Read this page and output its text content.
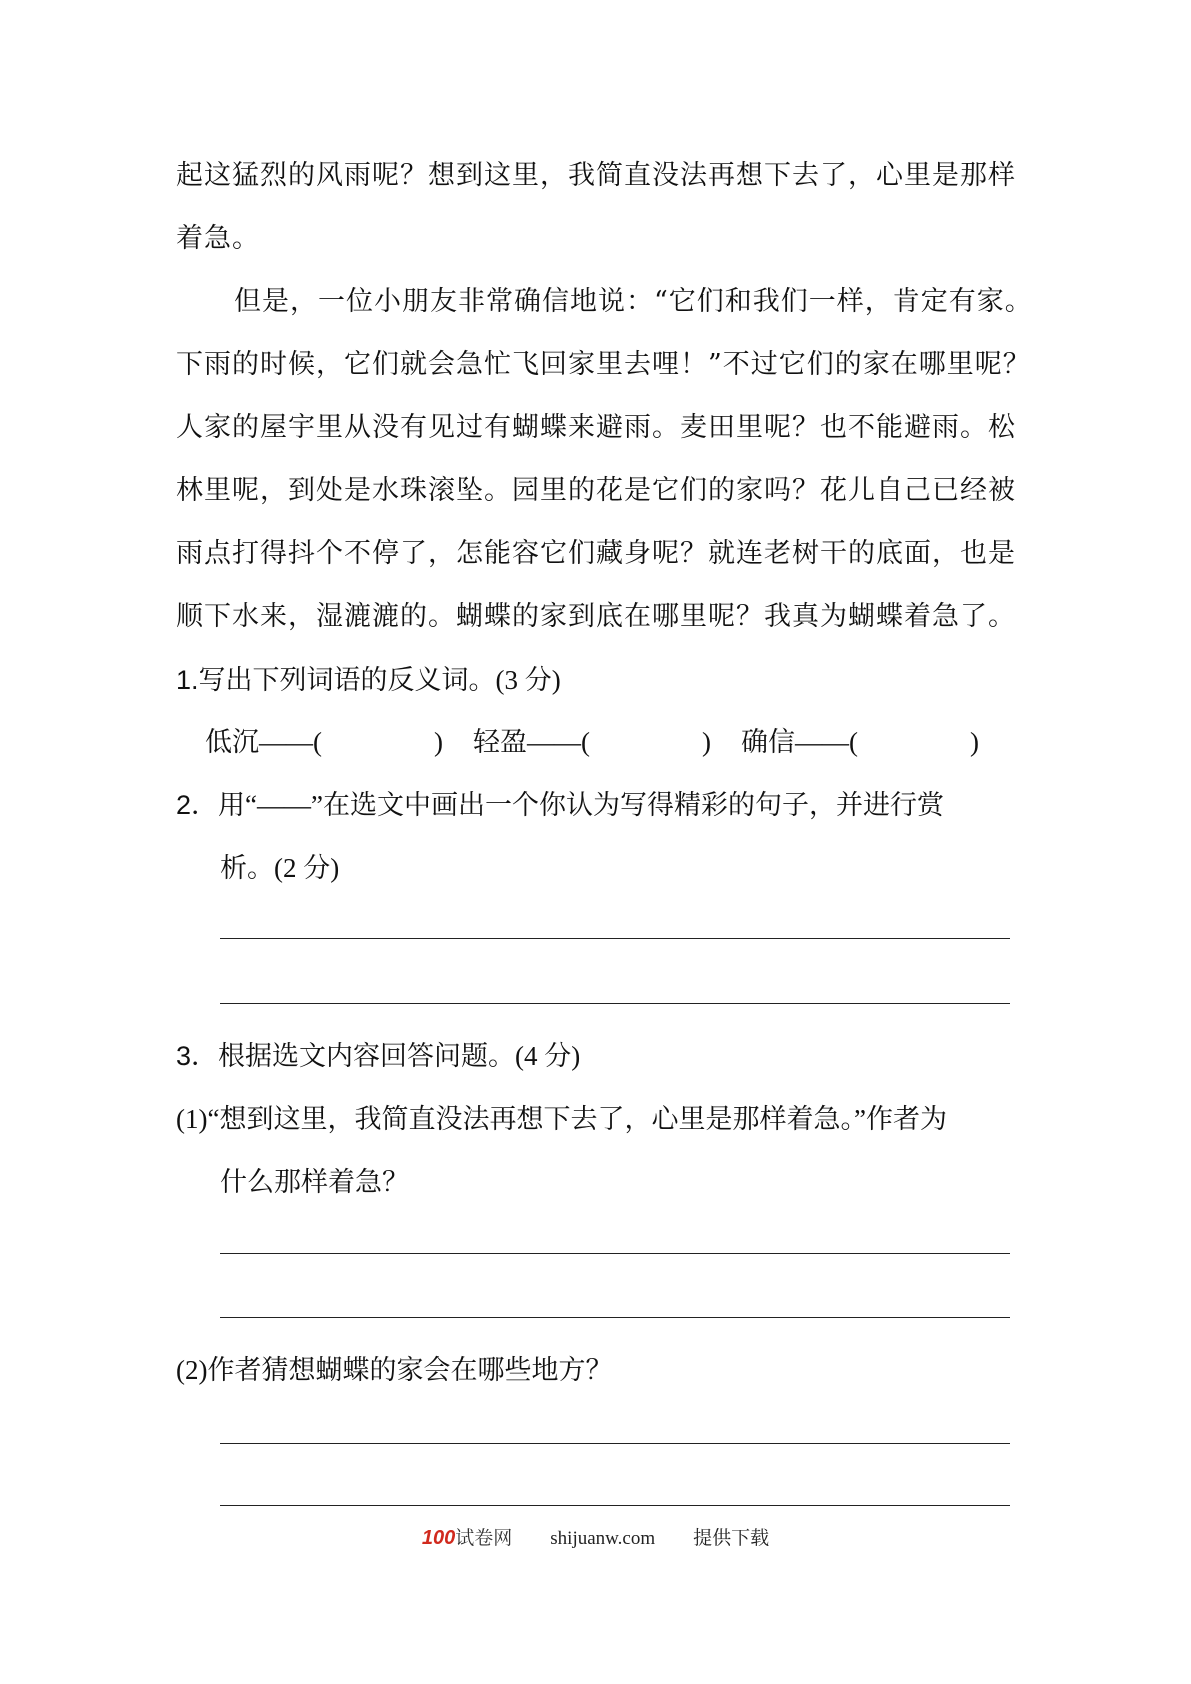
起这猛烈的风雨呢？想到这里，我简直没法再想下去了，心里是那样
着急。
但是，一位小朋友非常确信地说：“它们和我们一样，肯定有家。
下雨的时候，它们就会急忙飞回家里去哩！”不过它们的家在哪里呢？
人家的屋宇里从没有见过有蝴蝶来避雨。麦田里呢？也不能避雨。松
林里呢，到处是水珠滚坠。园里的花是它们的家吗？花儿自己已经被
雨点打得抖个不停了，怎能容它们藏身呢？就连老树干的底面，也是
顺下水来，湿漉漉的。蝴蝶的家到底在哪里呢？我真为蝴蝶着急了。
1.写出下列词语的反义词。(3 分)
低沉——(	) 轻盈——(	) 确信——(	)
2．用“——”在选文中画出一个你认为写得精彩的句子，并进行赏
析。(2 分)
3．根据选文内容回答问题。(4 分)
(1)“想到这里，我简直没法再想下去了，心里是那样着急。”作者为
什么那样着急？
(2)作者猜想蝴蝶的家会在哪些地方？
100试卷网 shijuanw.com 提供下载
